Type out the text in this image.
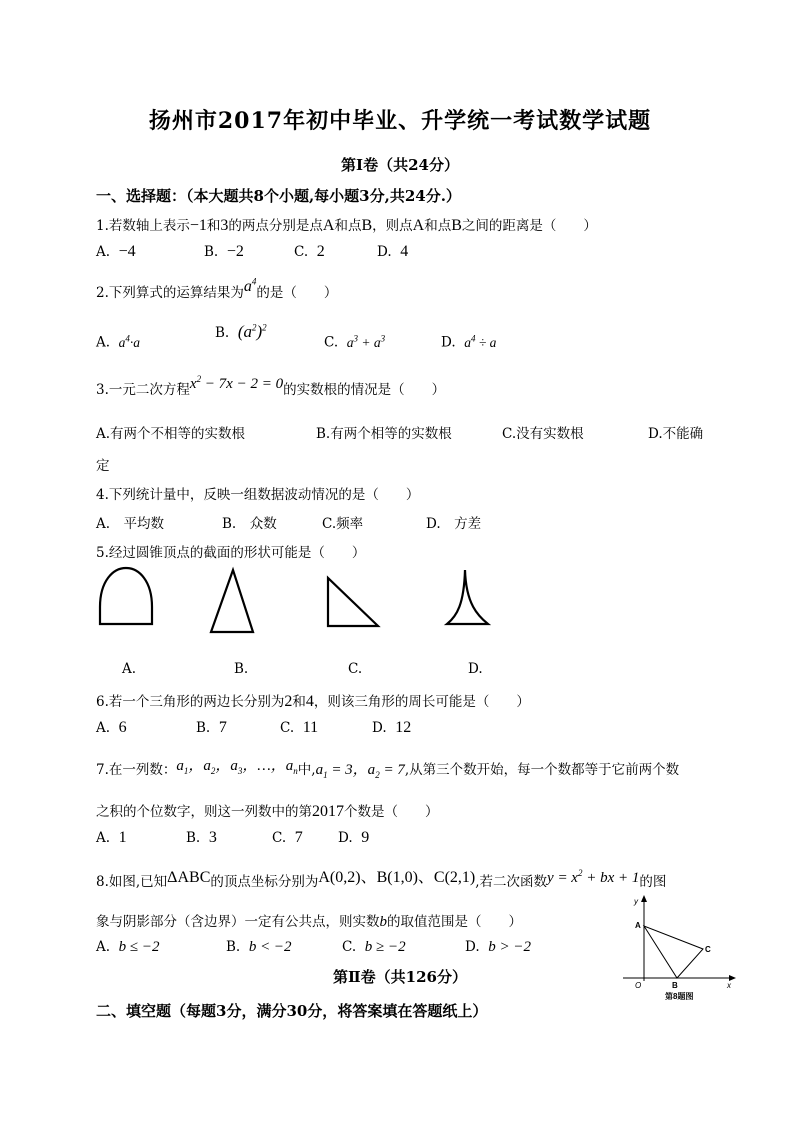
扬州市2017年初中毕业、升学统一考试数学试题
第Ⅰ卷（共24分）
一、选择题：（本大题共8个小题,每小题3分,共24分.）
1.若数轴上表示−1和3的两点分别是点A和点B，则点A和点B之间的距离是（　　）
A. −4	B. −2	C. 2	D. 4
2.下列算式的运算结果为$a^4$的是（　　）
A. $a^4\cdot a$
B. $(a^2)^2$
C. $a^3 + a^3$	D. $a^4 \div a$
3.一元二次方程$x^2 - 7x - 2 = 0$的实数根的情况是（　　）
A.有两个不相等的实数根	B.有两个相等的实数根	C.没有实数根	D.不能确
定
4.下列统计量中，反映一组数据波动情况的是（　　）
A.　平均数	B.　众数	C.频率	D.　方差
5.经过圆锥顶点的截面的形状可能是（　　）
A.	B.	C.	D.
6.若一个三角形的两边长分别为2和4，则该三角形的周长可能是（　　）
A. 6	B. 7	C. 11	D. 12
7.在一列数：$a_1$，$a_2$，$a_3$，…，$a_n$中$,a_1 = 3$，$a_2 = 7$,从第三个数开始，每一个数都等于它前两个数
之积的个位数字，则这一列数中的第2017个数是（　　）
A. 1	B. 3	C. 7	D. 9
8.如图,已知ΔABC的顶点坐标分别为A(0,2)、B(1,0)、C(2,1),若二次函数$y = x^2$ + bx + 1的图
象与阴影部分（含边界）一定有公共点，则实数b的取值范围是（　　）
A. b ≤ −2	B. b < −2	C. b ≥ −2	D. b > −2
y
x
O
A
B
C
第8题图
第Ⅱ卷（共126分）
二、填空题（每题3分，满分30分，将答案填在答题纸上）
